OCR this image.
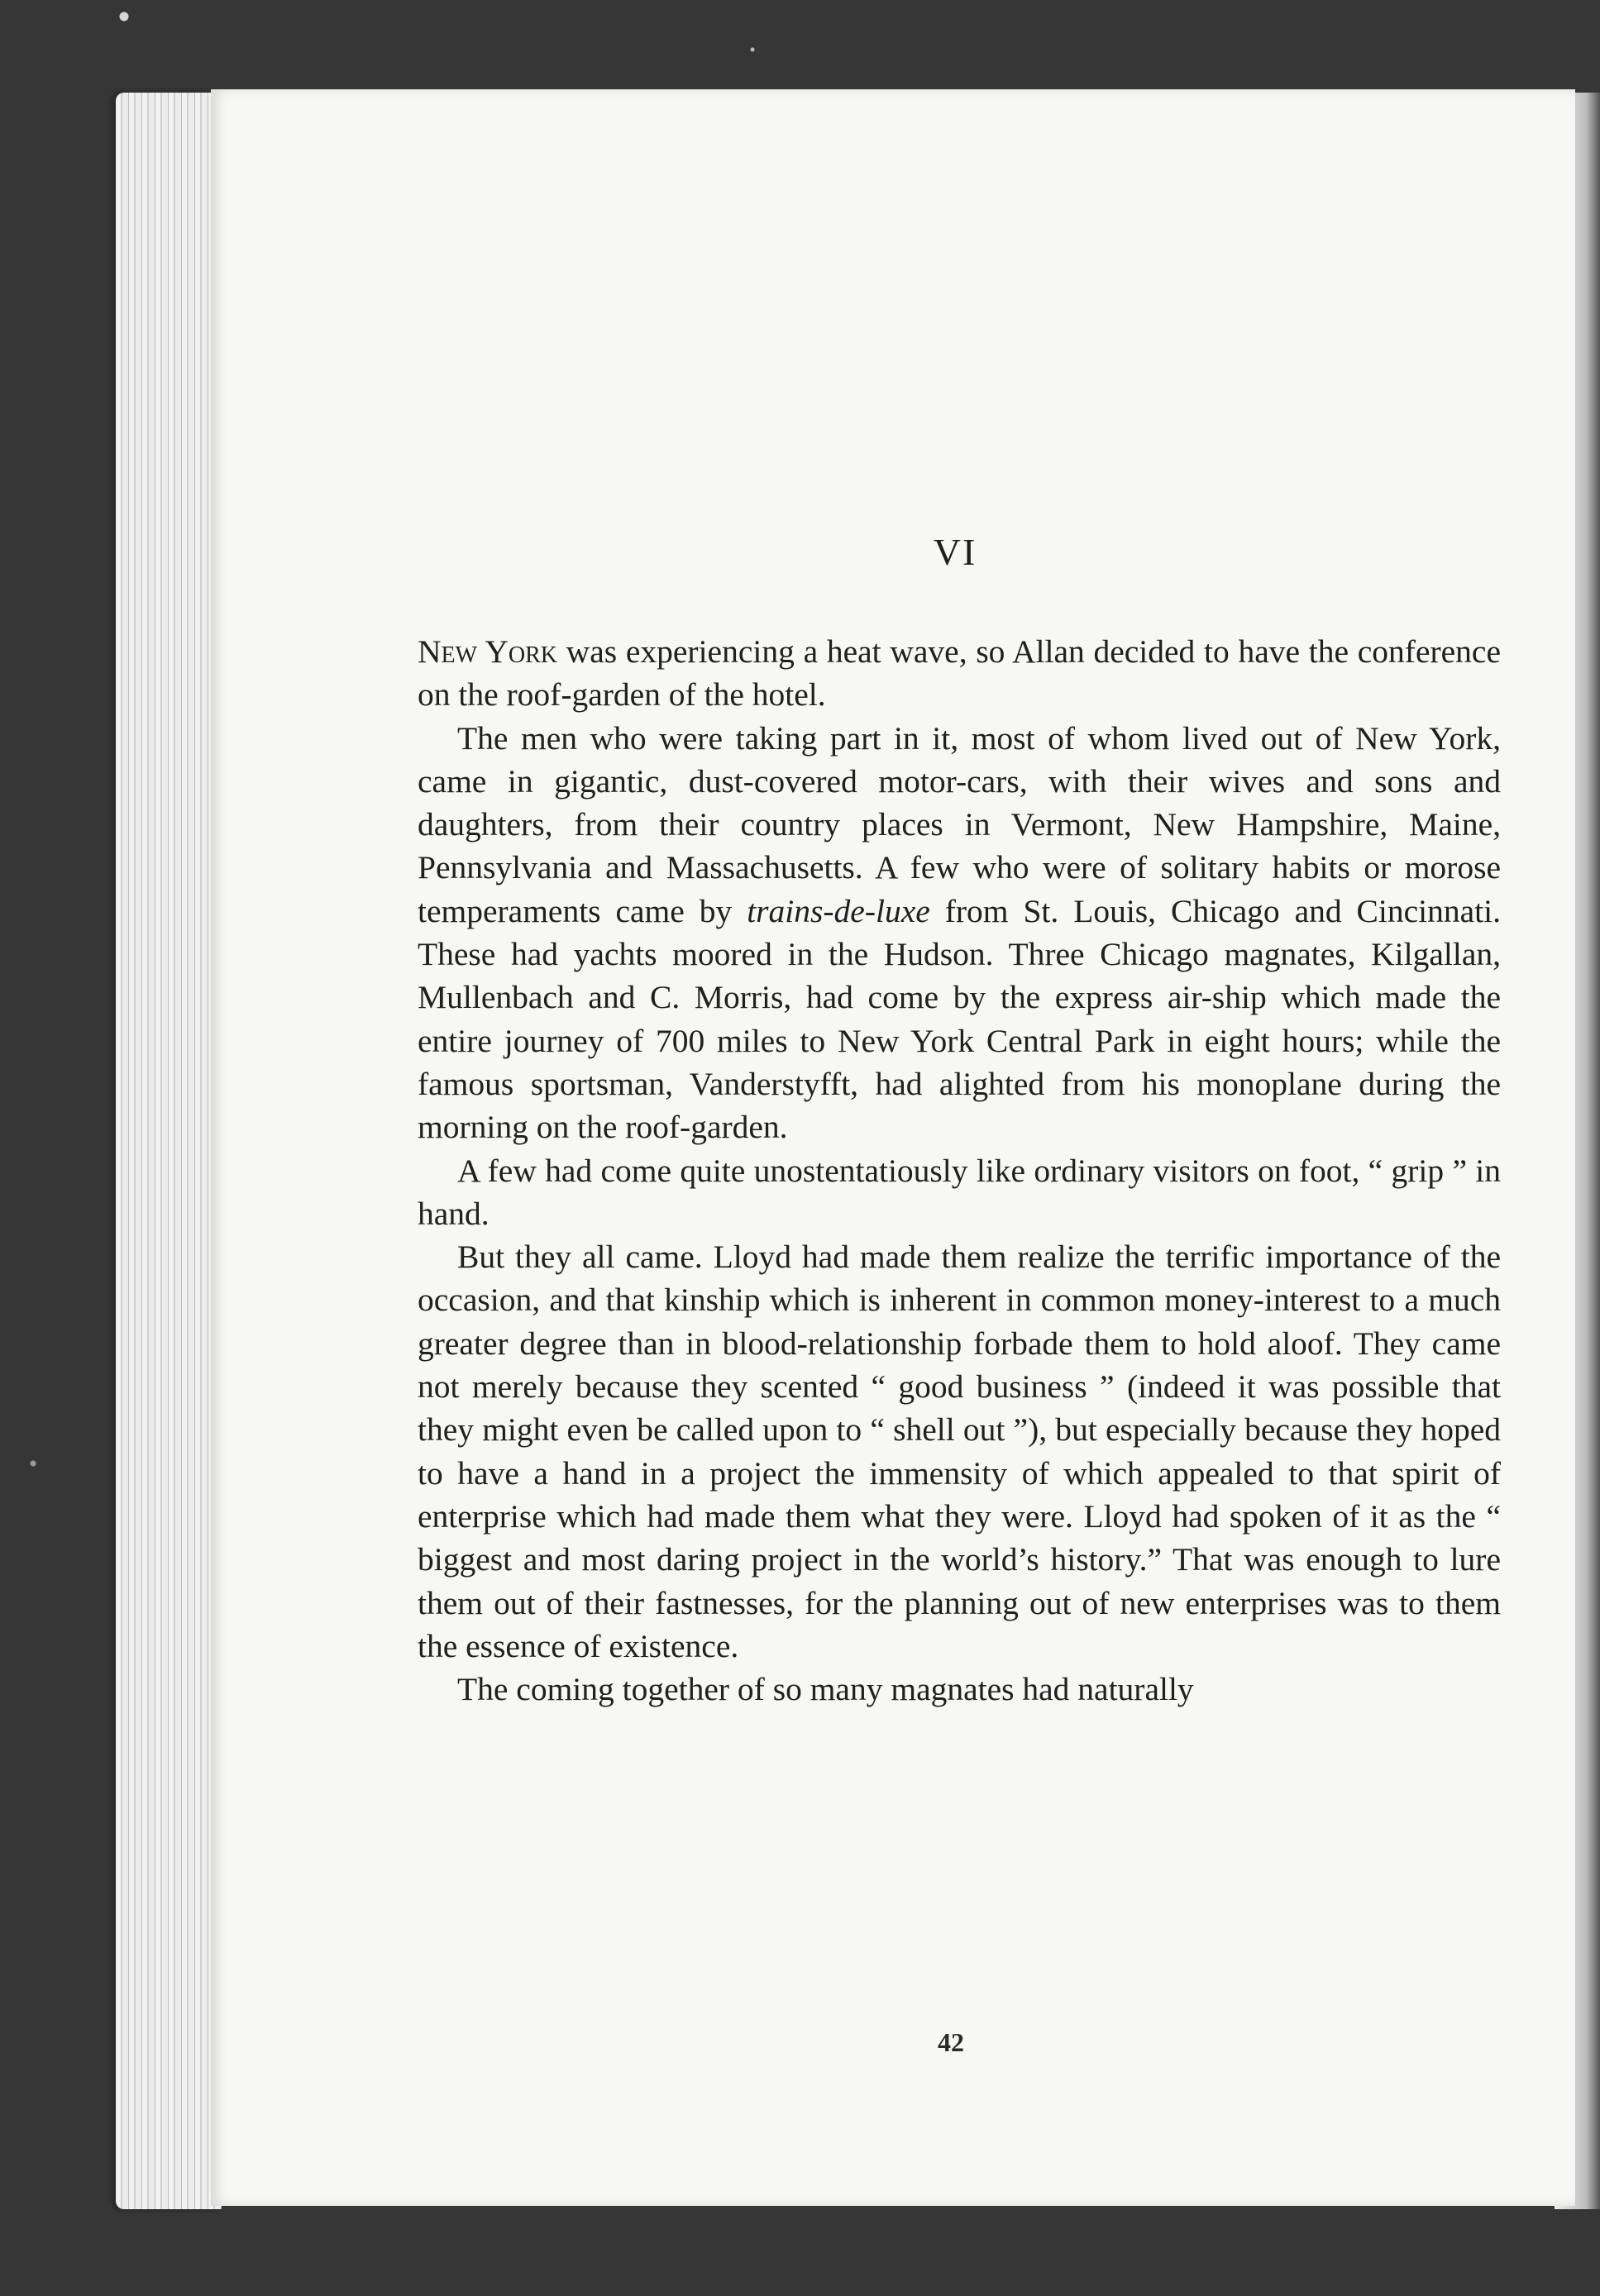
VI

New York was experiencing a heat wave, so Allan decided to have the conference on the roof-garden of the hotel.

The men who were taking part in it, most of whom lived out of New York, came in gigantic, dust-covered motor-cars, with their wives and sons and daughters, from their country places in Vermont, New Hampshire, Maine, Pennsylvania and Massachusetts. A few who were of solitary habits or morose temperaments came by trains-de-luxe from St. Louis, Chicago and Cincinnati. These had yachts moored in the Hudson. Three Chicago magnates, Kilgallan, Mullenbach and C. Morris, had come by the express air-ship which made the entire journey of 700 miles to New York Central Park in eight hours; while the famous sportsman, Vanderstyfft, had alighted from his monoplane during the morning on the roof-garden.

A few had come quite unostentatiously like ordinary visitors on foot, “ grip ” in hand.

But they all came. Lloyd had made them realize the terrific importance of the occasion, and that kinship which is inherent in common money-interest to a much greater degree than in blood-relationship forbade them to hold aloof. They came not merely because they scented “ good business ” (indeed it was possible that they might even be called upon to “ shell out ”), but especially because they hoped to have a hand in a project the immensity of which appealed to that spirit of enterprise which had made them what they were. Lloyd had spoken of it as the “ biggest and most daring project in the world’s history.” That was enough to lure them out of their fastnesses, for the planning out of new enterprises was to them the essence of existence.

The coming together of so many magnates had naturally

42
